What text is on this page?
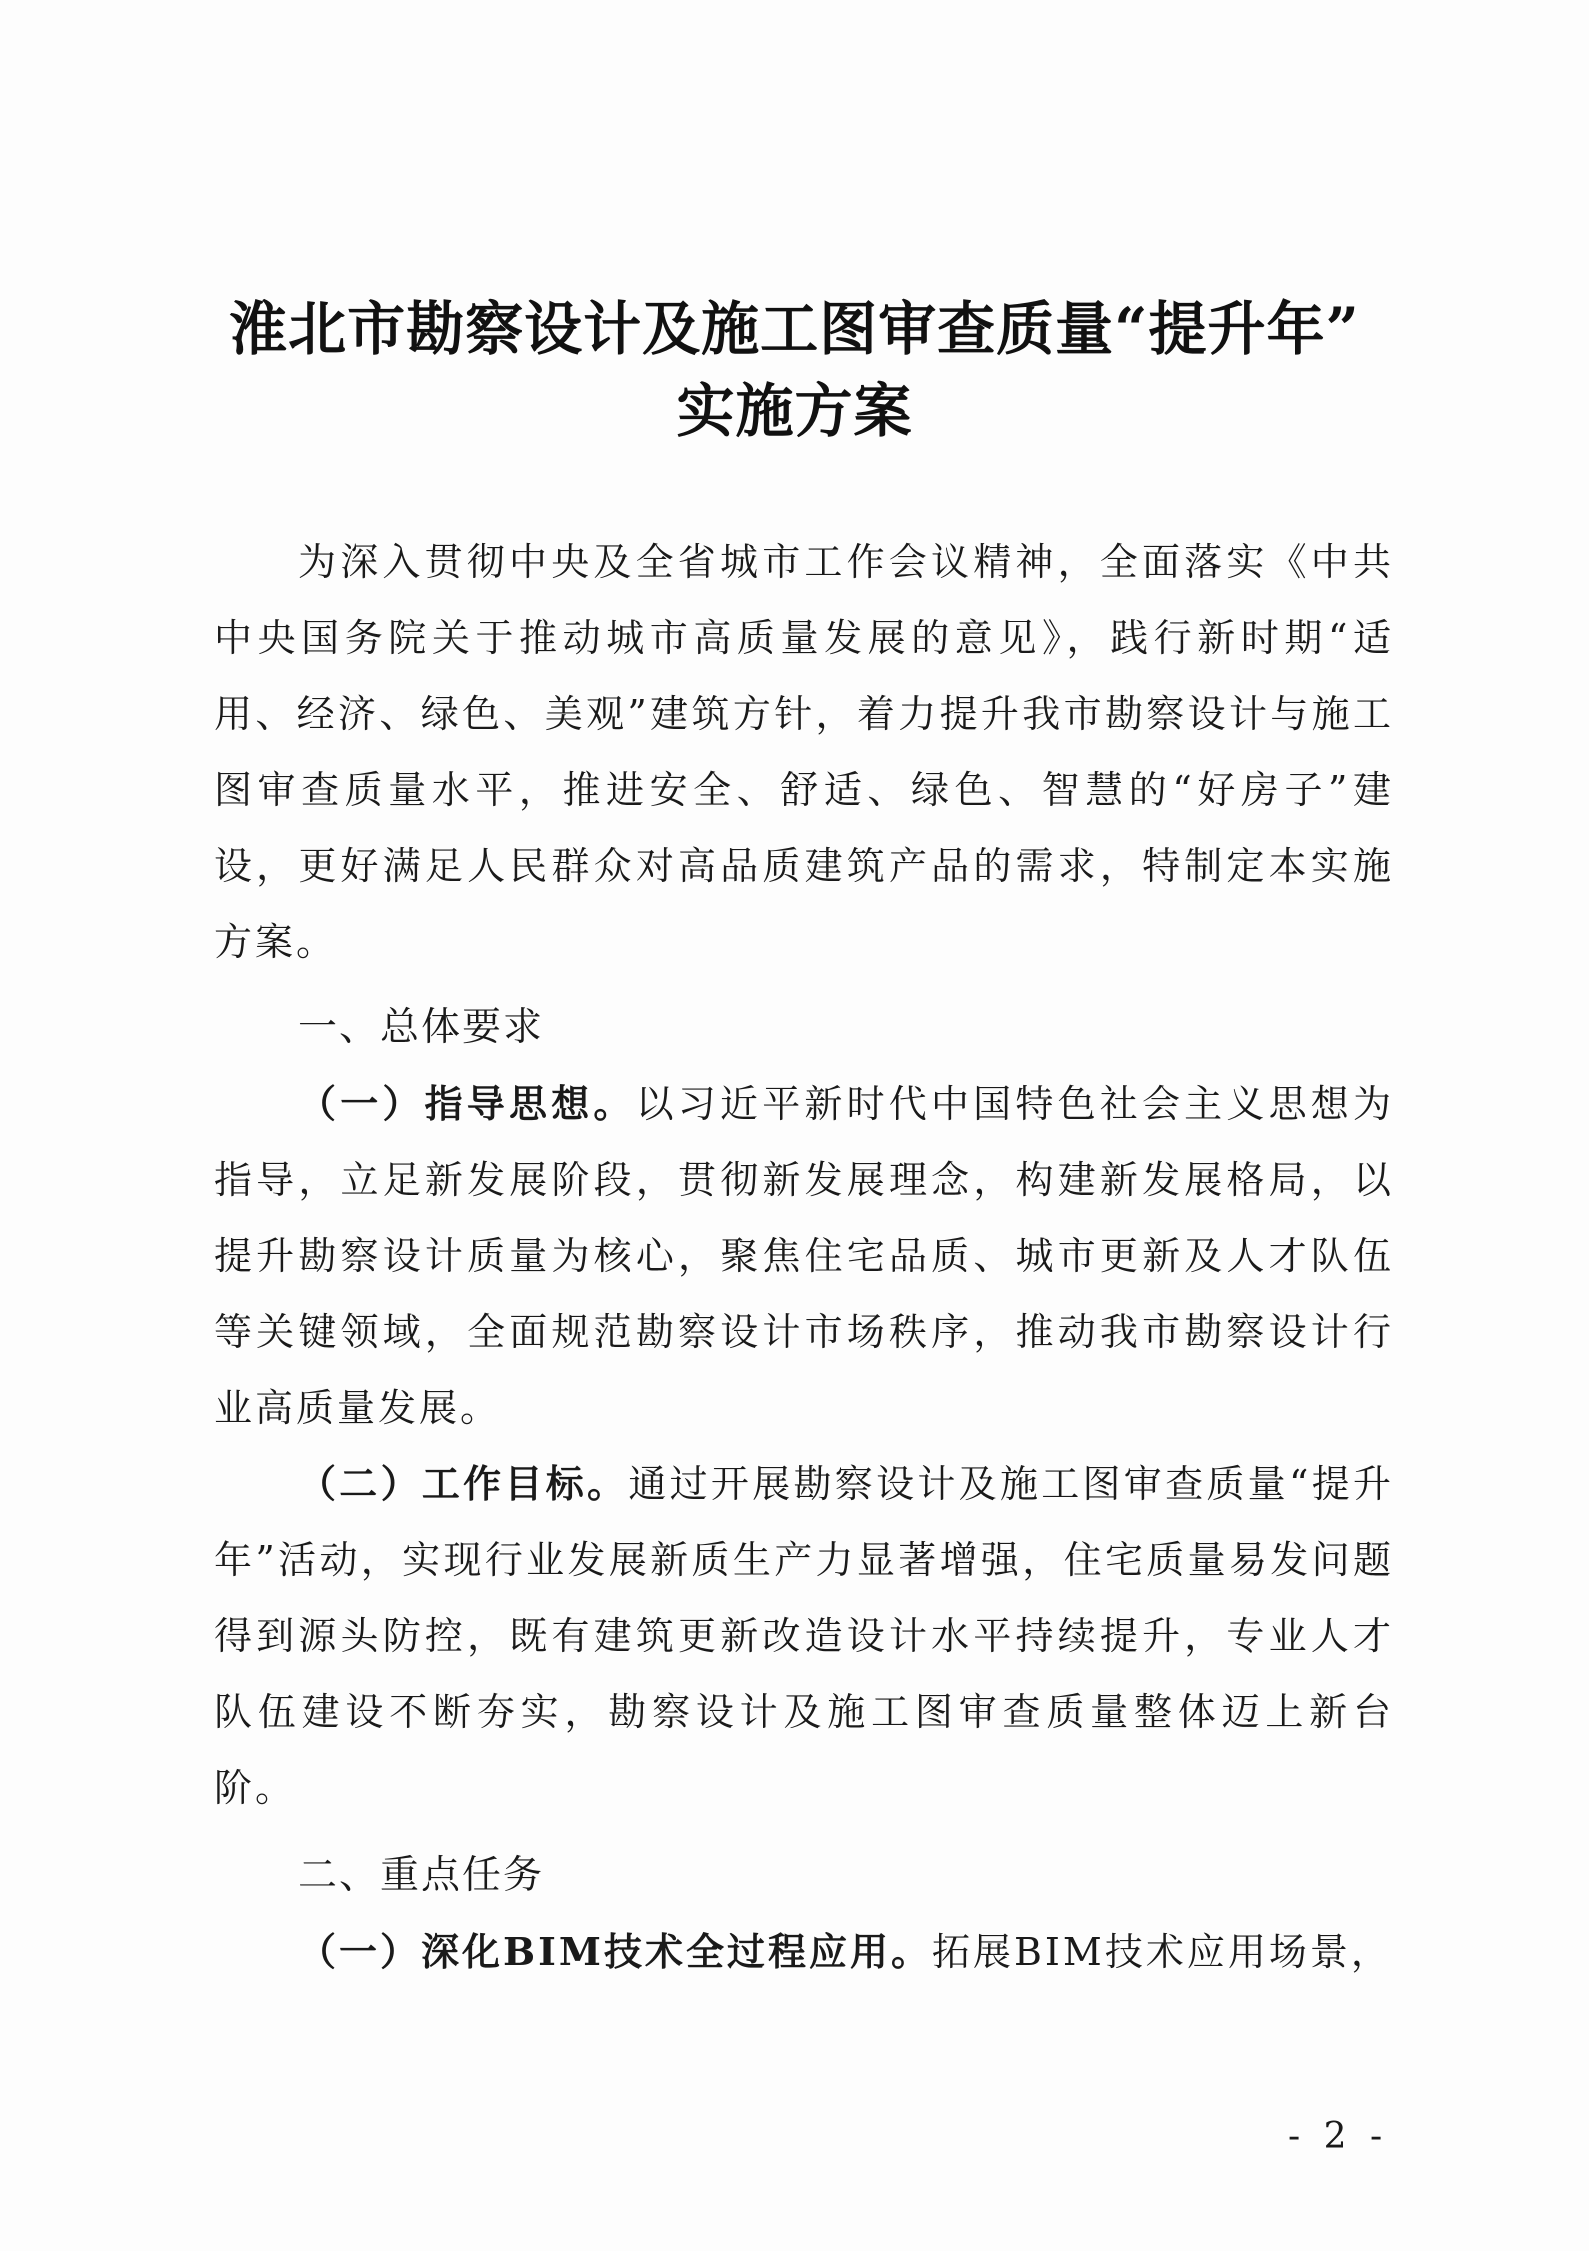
淮北市勘察设计及施工图审查质量“提升年”
实施方案
为深入贯彻中央及全省城市工作会议精神，全面落实《中共中央国务院关于推动城市高质量发展的意见》，践行新时期“适用、经济、绿色、美观”建筑方针，着力提升我市勘察设计与施工图审查质量水平，推进安全、舒适、绿色、智慧的“好房子”建设，更好满足人民群众对高品质建筑产品的需求，特制定本实施方案。
一、总体要求
（一）指导思想。以习近平新时代中国特色社会主义思想为指导，立足新发展阶段，贯彻新发展理念，构建新发展格局，以提升勘察设计质量为核心，聚焦住宅品质、城市更新及人才队伍等关键领域，全面规范勘察设计市场秩序，推动我市勘察设计行业高质量发展。
（二）工作目标。通过开展勘察设计及施工图审查质量“提升年”活动，实现行业发展新质生产力显著增强，住宅质量易发问题得到源头防控，既有建筑更新改造设计水平持续提升，专业人才队伍建设不断夯实，勘察设计及施工图审查质量整体迈上新台阶。
二、重点任务
（一）深化BIM技术全过程应用。拓展BIM技术应用场景，
- 2 -
